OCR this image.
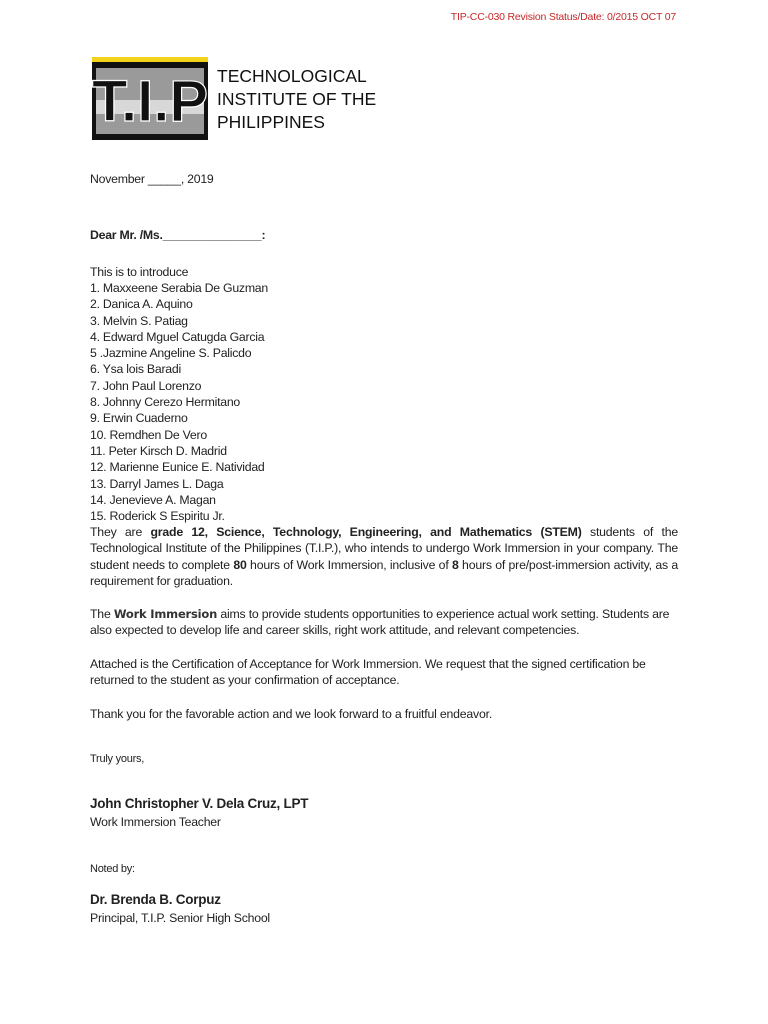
TIP-CC-030 Revision Status/Date: 0/2015 OCT 07
T.I.P TECHNOLOGICAL
INSTITUTE OF THE
PHILIPPINES
November _____, 2019
Dear Mr. /Ms._______________:
This is to introduce
1. Maxxeene Serabia De Guzman
2. Danica A. Aquino
3. Melvin S. Patiag
4. Edward Mguel Catugda Garcia
5 .Jazmine Angeline S. Palicdo
6. Ysa lois Baradi
7. John Paul Lorenzo
8. Johnny Cerezo Hermitano
9. Erwin Cuaderno
10. Remdhen De Vero
11. Peter Kirsch D. Madrid
12. Marienne Eunice E. Natividad
13. Darryl James L. Daga
14. Jenevieve A. Magan
15. Roderick S Espiritu Jr.
They are grade 12, Science, Technology, Engineering, and Mathematics (STEM) students of the Technological Institute of the Philippines (T.I.P.), who intends to undergo Work Immersion in your company. The student needs to complete 80 hours of Work Immersion, inclusive of 8 hours of pre/post-immersion activity, as a requirement for graduation.
The Work Immersion aims to provide students opportunities to experience actual work setting. Students are also expected to develop life and career skills, right work attitude, and relevant competencies.
Attached is the Certification of Acceptance for Work Immersion. We request that the signed certification be returned to the student as your confirmation of acceptance.
Thank you for the favorable action and we look forward to a fruitful endeavor.
Truly yours,
John Christopher V. Dela Cruz, LPT
Work Immersion Teacher
Noted by:
Dr. Brenda B. Corpuz
Principal, T.I.P. Senior High School
